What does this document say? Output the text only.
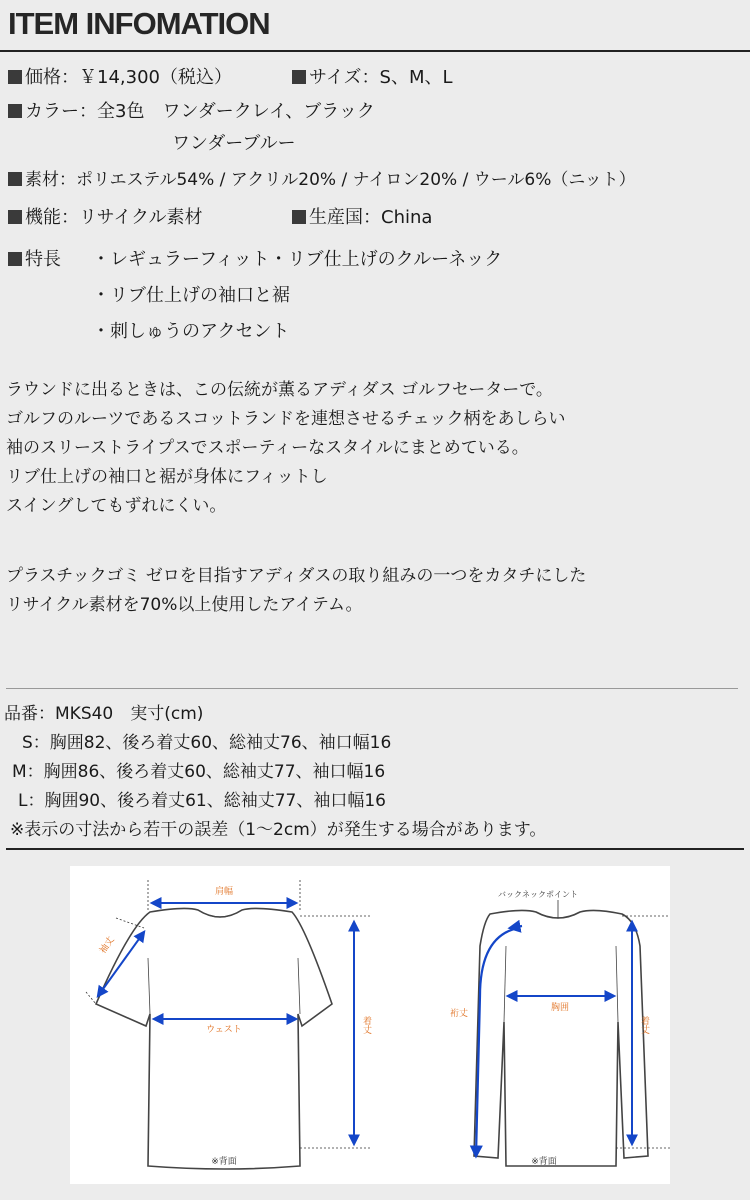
ITEM INFOMATION
価格：￥14,300（税込）	サイズ：S、M、L
カラー：全3色　ワンダークレイ、ブラック
ワンダーブルー
素材：ポリエステル54% / アクリル20% / ナイロン20% / ウール6%（ニット）
機能：リサイクル素材	生産国：China
特長 ・レギュラーフィット・リブ仕上げのクルーネック
・リブ仕上げの袖口と裾
・刺しゅうのアクセント
ラウンドに出るときは、この伝統が薫るアディダス ゴルフセーターで。
ゴルフのルーツであるスコットランドを連想させるチェック柄をあしらい
袖のスリーストライプスでスポーティーなスタイルにまとめている。
リブ仕上げの袖口と裾が身体にフィットし
スイングしてもずれにくい。
プラスチックゴミ ゼロを目指すアディダスの取り組みの一つをカタチにした
リサイクル素材を70%以上使用したアイテム。
品番：MKS40　実寸(cm)
S：胸囲82、後ろ着丈60、総袖丈76、袖口幅16
M：胸囲86、後ろ着丈60、総袖丈77、袖口幅16
L：胸囲90、後ろ着丈61、総袖丈77、袖口幅16
※表示の寸法から若干の誤差（1〜2cm）が発生する場合があります。
肩幅
袖丈
ウェスト	着丈
※背面
バックネックポイント
胸囲
裄丈
着丈
※背面
